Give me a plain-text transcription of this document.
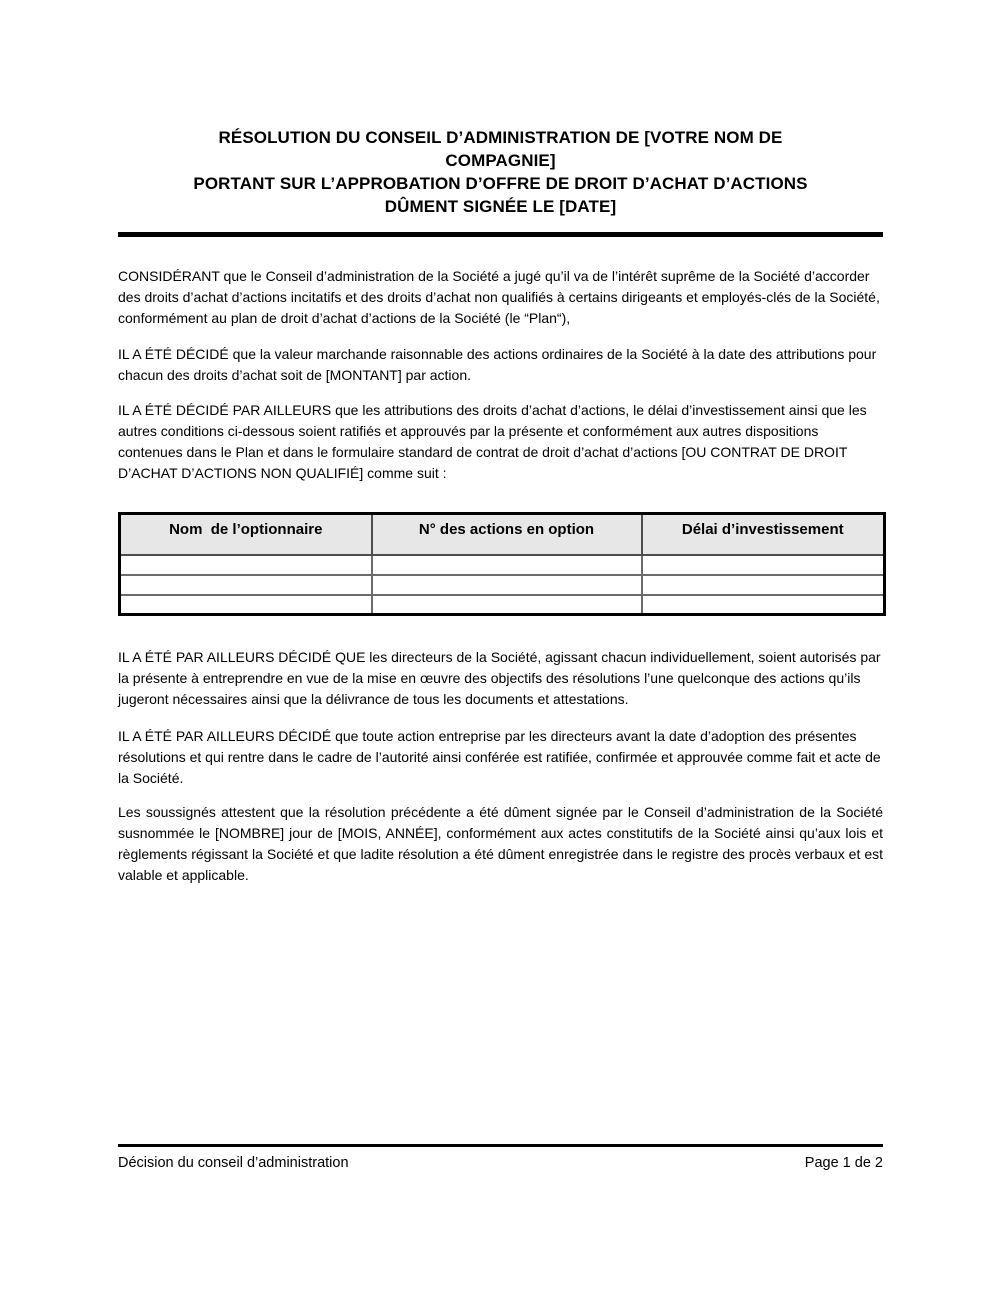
RÉSOLUTION DU CONSEIL D’ADMINISTRATION DE [VOTRE NOM DE
COMPAGNIE]
PORTANT SUR L’APPROBATION D’OFFRE DE DROIT D’ACHAT D’ACTIONS
DÛMENT SIGNÉE LE [DATE]

CONSIDÉRANT que le Conseil d’administration de la Société a jugé qu’il va de l’intérêt suprême de la Société d’accorder des droits d’achat d’actions incitatifs et des droits d’achat non qualifiés à certains dirigeants et employés-clés de la Société, conformément au plan de droit d’achat d’actions de la Société (le “Plan“),

IL A ÉTÉ DÉCIDÉ que la valeur marchande raisonnable des actions ordinaires de la Société à la date des attributions pour chacun des droits d’achat soit de [MONTANT] par action.

IL A ÉTÉ DÉCIDÉ PAR AILLEURS que les attributions des droits d’achat d’actions, le délai d’investissement ainsi que les autres conditions ci-dessous soient ratifiés et approuvés par la présente et conformément aux autres dispositions contenues dans le Plan et dans le formulaire standard de contrat de droit d’achat d’actions [OU CONTRAT DE DROIT D’ACHAT D’ACTIONS NON QUALIFIÉ] comme suit :

Nom  de l’optionnaire	N° des actions en option	Délai d’investissement

IL A ÉTÉ PAR AILLEURS DÉCIDÉ QUE les directeurs de la Société, agissant chacun individuellement, soient autorisés par la présente à entreprendre en vue de la mise en œuvre des objectifs des résolutions l’une quelconque des actions qu’ils jugeront nécessaires ainsi que la délivrance de tous les documents et attestations.

IL A ÉTÉ PAR AILLEURS DÉCIDÉ que toute action entreprise par les directeurs avant la date d’adoption des présentes résolutions et qui rentre dans le cadre de l’autorité ainsi conférée est ratifiée, confirmée et approuvée comme fait et acte de la Société.

Les soussignés attestent que la résolution précédente a été dûment signée par le Conseil d’administration de la Société susnommée le [NOMBRE] jour de [MOIS, ANNÉE], conformément aux actes constitutifs de la Société ainsi qu’aux lois et règlements régissant la Société et que ladite résolution a été dûment enregistrée dans le registre des procès verbaux et est valable et applicable.

Décision du conseil d’administration	Page 1 de 2
